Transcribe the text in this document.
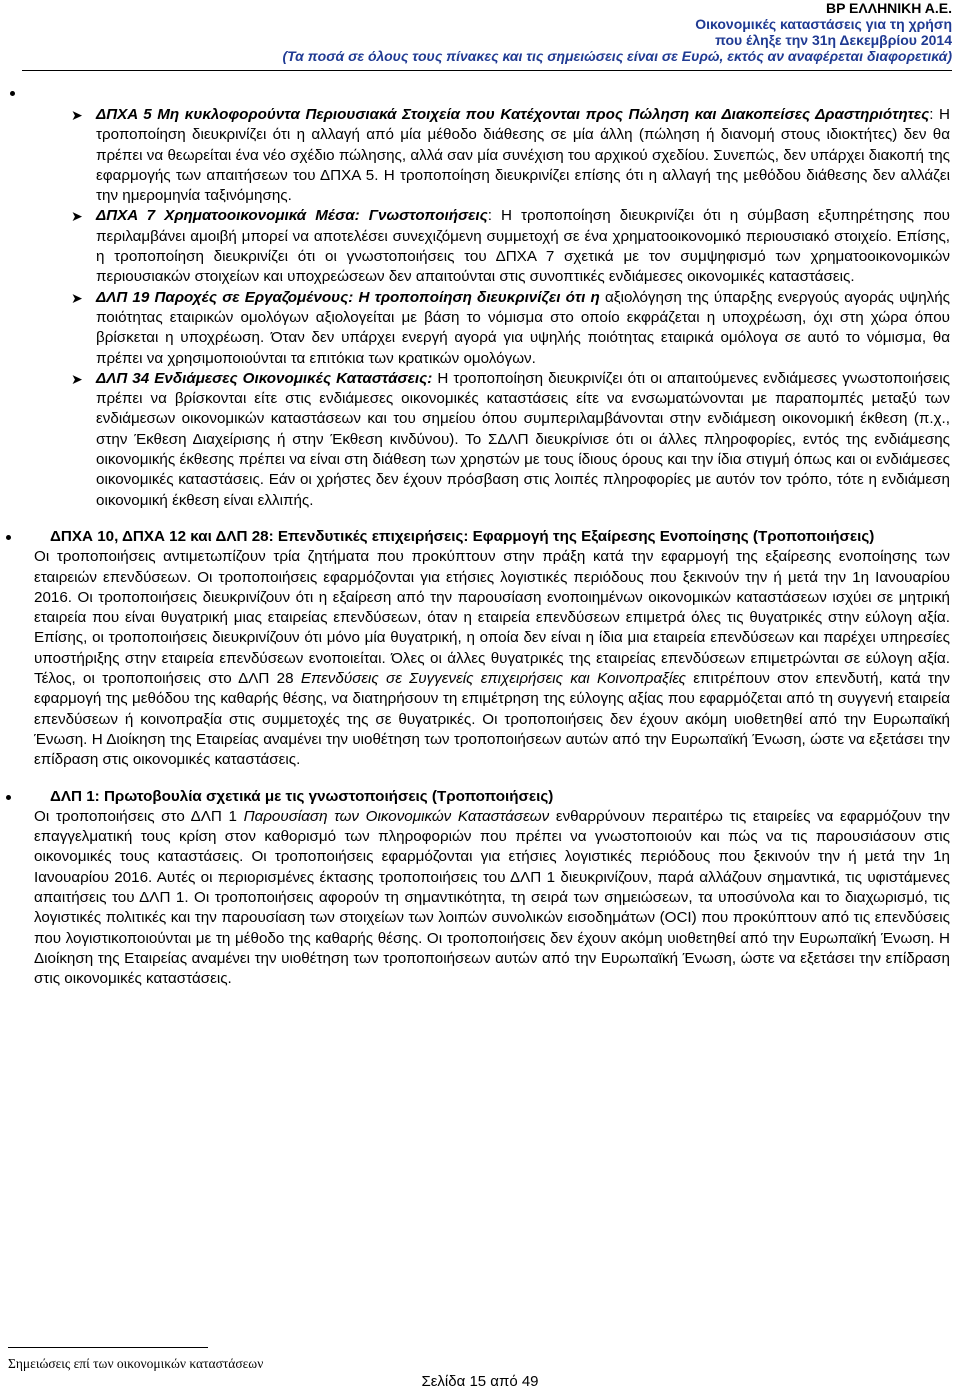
BP ΕΛΛΗΝΙΚΗ Α.Ε.
Οικονομικές καταστάσεις για τη χρήση
που έληξε την 31η Δεκεμβρίου 2014
(Τα ποσά σε όλους τους πίνακες και τις σημειώσεις είναι σε Ευρώ, εκτός αν αναφέρεται διαφορετικά)
➤ ΔΠΧΑ 5 Μη κυκλοφορούντα Περιουσιακά Στοιχεία που Κατέχονται προς Πώληση και Διακοπείσες Δραστηριότητες: Η τροποποίηση διευκρινίζει ότι η αλλαγή από μία μέθοδο διάθεσης σε μία άλλη (πώληση ή διανομή στους ιδιοκτήτες) δεν θα πρέπει να θεωρείται ένα νέο σχέδιο πώλησης, αλλά σαν μία συνέχιση του αρχικού σχεδίου. Συνεπώς, δεν υπάρχει διακοπή της εφαρμογής των απαιτήσεων του ΔΠΧΑ 5. Η τροποποίηση διευκρινίζει επίσης ότι η αλλαγή της μεθόδου διάθεσης δεν αλλάζει την ημερομηνία ταξινόμησης.
➤ ΔΠΧΑ 7 Χρηματοοικονομικά Μέσα: Γνωστοποιήσεις: Η τροποποίηση διευκρινίζει ότι η σύμβαση εξυπηρέτησης που περιλαμβάνει αμοιβή μπορεί να αποτελέσει συνεχιζόμενη συμμετοχή σε ένα χρηματοοικονομικό περιουσιακό στοιχείο. Επίσης, η τροποποίηση διευκρινίζει ότι οι γνωστοποιήσεις του ΔΠΧΑ 7 σχετικά με τον συμψηφισμό των χρηματοοικονομικών περιουσιακών στοιχείων και υποχρεώσεων δεν απαιτούνται στις συνοπτικές ενδιάμεσες οικονομικές καταστάσεις.
➤ ΔΛΠ 19 Παροχές σε Εργαζομένους: Η τροποποίηση διευκρινίζει ότι η αξιολόγηση της ύπαρξης ενεργούς αγοράς υψηλής ποιότητας εταιρικών ομολόγων αξιολογείται με βάση το νόμισμα στο οποίο εκφράζεται η υποχρέωση, όχι στη χώρα όπου βρίσκεται η υποχρέωση. Όταν δεν υπάρχει ενεργή αγορά για υψηλής ποιότητας εταιρικά ομόλογα σε αυτό το νόμισμα, θα πρέπει να χρησιμοποιούνται τα επιτόκια των κρατικών ομολόγων.
➤ ΔΛΠ 34 Ενδιάμεσες Οικονομικές Καταστάσεις: Η τροποποίηση διευκρινίζει ότι οι απαιτούμενες ενδιάμεσες γνωστοποιήσεις πρέπει να βρίσκονται είτε στις ενδιάμεσες οικονομικές καταστάσεις είτε να ενσωματώνονται με παραπομπές μεταξύ των ενδιάμεσων οικονομικών καταστάσεων και του σημείου όπου συμπεριλαμβάνονται στην ενδιάμεση οικονομική έκθεση (π.χ., στην Έκθεση Διαχείρισης ή στην Έκθεση κινδύνου). Το ΣΔΛΠ διευκρίνισε ότι οι άλλες πληροφορίες, εντός της ενδιάμεσης οικονομικής έκθεσης πρέπει να είναι στη διάθεση των χρηστών με τους ίδιους όρους και την ίδια στιγμή όπως και οι ενδιάμεσες οικονομικές καταστάσεις. Εάν οι χρήστες δεν έχουν πρόσβαση στις λοιπές πληροφορίες με αυτόν τον τρόπο, τότε η ενδιάμεση οικονομική έκθεση είναι ελλιπής.
ΔΠΧΑ 10, ΔΠΧΑ 12 και ΔΛΠ 28: Επενδυτικές επιχειρήσεις: Εφαρμογή της Εξαίρεσης Ενοποίησης (Τροποποιήσεις)
Οι τροποποιήσεις αντιμετωπίζουν τρία ζητήματα που προκύπτουν στην πράξη κατά την εφαρμογή της εξαίρεσης ενοποίησης των εταιρειών επενδύσεων. Οι τροποποιήσεις εφαρμόζονται για ετήσιες λογιστικές περιόδους που ξεκινούν την ή μετά την 1η Ιανουαρίου 2016. Οι τροποποιήσεις διευκρινίζουν ότι η εξαίρεση από την παρουσίαση ενοποιημένων οικονομικών καταστάσεων ισχύει σε μητρική εταιρεία που είναι θυγατρική μιας εταιρείας επενδύσεων, όταν η εταιρεία επενδύσεων επιμετρά όλες τις θυγατρικές στην εύλογη αξία. Επίσης, οι τροποποιήσεις διευκρινίζουν ότι μόνο μία θυγατρική, η οποία δεν είναι η ίδια μια εταιρεία επενδύσεων και παρέχει υπηρεσίες υποστήριξης στην εταιρεία επενδύσεων ενοποιείται. Όλες οι άλλες θυγατρικές της εταιρείας επενδύσεων επιμετρώνται σε εύλογη αξία. Τέλος, οι τροποποιήσεις στο ΔΛΠ 28 Επενδύσεις σε Συγγενείς επιχειρήσεις και Κοινοπραξίες επιτρέπουν στον επενδυτή, κατά την εφαρμογή της μεθόδου της καθαρής θέσης, να διατηρήσουν τη επιμέτρηση της εύλογης αξίας που εφαρμόζεται από τη συγγενή εταιρεία επενδύσεων ή κοινοπραξία στις συμμετοχές της σε θυγατρικές. Οι τροποποιήσεις δεν έχουν ακόμη υιοθετηθεί από την Ευρωπαϊκή Ένωση. Η Διοίκηση της Εταιρείας αναμένει την υιοθέτηση των τροποποιήσεων αυτών από την Ευρωπαϊκή Ένωση, ώστε να εξετάσει την επίδραση στις οικονομικές καταστάσεις.
ΔΛΠ 1: Πρωτοβουλία σχετικά με τις γνωστοποιήσεις (Τροποποιήσεις)
Οι τροποποιήσεις στο ΔΛΠ 1 Παρουσίαση των Οικονομικών Καταστάσεων ενθαρρύνουν περαιτέρω τις εταιρείες να εφαρμόζουν την επαγγελματική τους κρίση στον καθορισμό των πληροφοριών που πρέπει να γνωστοποιούν και πώς να τις παρουσιάσουν στις οικονομικές τους καταστάσεις. Οι τροποποιήσεις εφαρμόζονται για ετήσιες λογιστικές περιόδους που ξεκινούν την ή μετά την 1η Ιανουαρίου 2016. Αυτές οι περιορισμένες έκτασης τροποποιήσεις του ΔΛΠ 1 διευκρινίζουν, παρά αλλάζουν σημαντικά, τις υφιστάμενες απαιτήσεις του ΔΛΠ 1. Οι τροποποιήσεις αφορούν τη σημαντικότητα, τη σειρά των σημειώσεων, τα υποσύνολα και το διαχωρισμό, τις λογιστικές πολιτικές και την παρουσίαση των στοιχείων των λοιπών συνολικών εισοδημάτων (OCI) που προκύπτουν από τις επενδύσεις που λογιστικοποιούνται με τη μέθοδο της καθαρής θέσης. Οι τροποποιήσεις δεν έχουν ακόμη υιοθετηθεί από την Ευρωπαϊκή Ένωση. Η Διοίκηση της Εταιρείας αναμένει την υιοθέτηση των τροποποιήσεων αυτών από την Ευρωπαϊκή Ένωση, ώστε να εξετάσει την επίδραση στις οικονομικές καταστάσεις.
Σημειώσεις επί των οικονομικών καταστάσεων
Σελίδα 15 από 49
